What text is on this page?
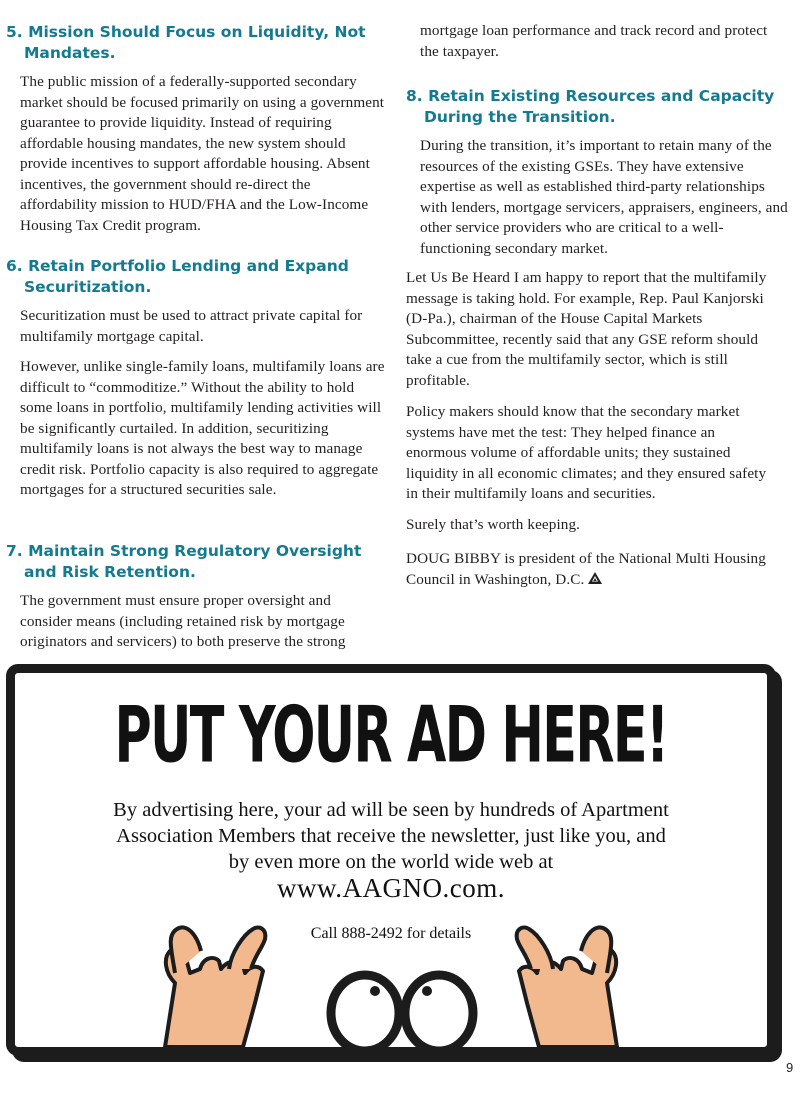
5. Mission Should Focus on Liquidity, Not Mandates.

The public mission of a federally-supported secondary market should be focused primarily on using a government guarantee to provide liquidity. Instead of requiring affordable housing mandates, the new system should provide incentives to support affordable housing. Absent incentives, the government should re-direct the affordability mission to HUD/FHA and the Low-Income Housing Tax Credit program.

6. Retain Portfolio Lending and Expand Securitization.

Securitization must be used to attract private capital for multifamily mortgage capital.

However, unlike single-family loans, multifamily loans are difficult to “commoditize.” Without the ability to hold some loans in portfolio, multifamily lending activities will be significantly curtailed. In addition, securitizing multifamily loans is not always the best way to manage credit risk. Portfolio capacity is also required to aggregate mortgages for a structured securities sale.

7. Maintain Strong Regulatory Oversight and Risk Retention.

The government must ensure proper oversight and consider means (including retained risk by mortgage originators and servicers) to both preserve the strong

mortgage loan performance and track record and protect the taxpayer.

8. Retain Existing Resources and Capacity During the Transition.

During the transition, it’s important to retain many of the resources of the existing GSEs. They have extensive expertise as well as established third-party relationships with lenders, mortgage servicers, appraisers, engineers, and other service providers who are critical to a well-functioning secondary market.

Let Us Be Heard I am happy to report that the multifamily message is taking hold. For example, Rep. Paul Kanjorski (D-Pa.), chairman of the House Capital Markets Subcommittee, recently said that any GSE reform should take a cue from the multifamily sector, which is still profitable.

Policy makers should know that the secondary market systems have met the test: They helped finance an enormous volume of affordable units; they sustained liquidity in all economic climates; and they ensured safety in their multifamily loans and securities.

Surely that’s worth keeping.

DOUG BIBBY is president of the National Multi Housing Council in Washington, D.C.

PUT YOUR AD HERE!

By advertising here, your ad will be seen by hundreds of Apartment
Association Members that receive the newsletter, just like you, and
by even more on the world wide web at

www.AAGNO.com.

Call 888-2492 for details

9
